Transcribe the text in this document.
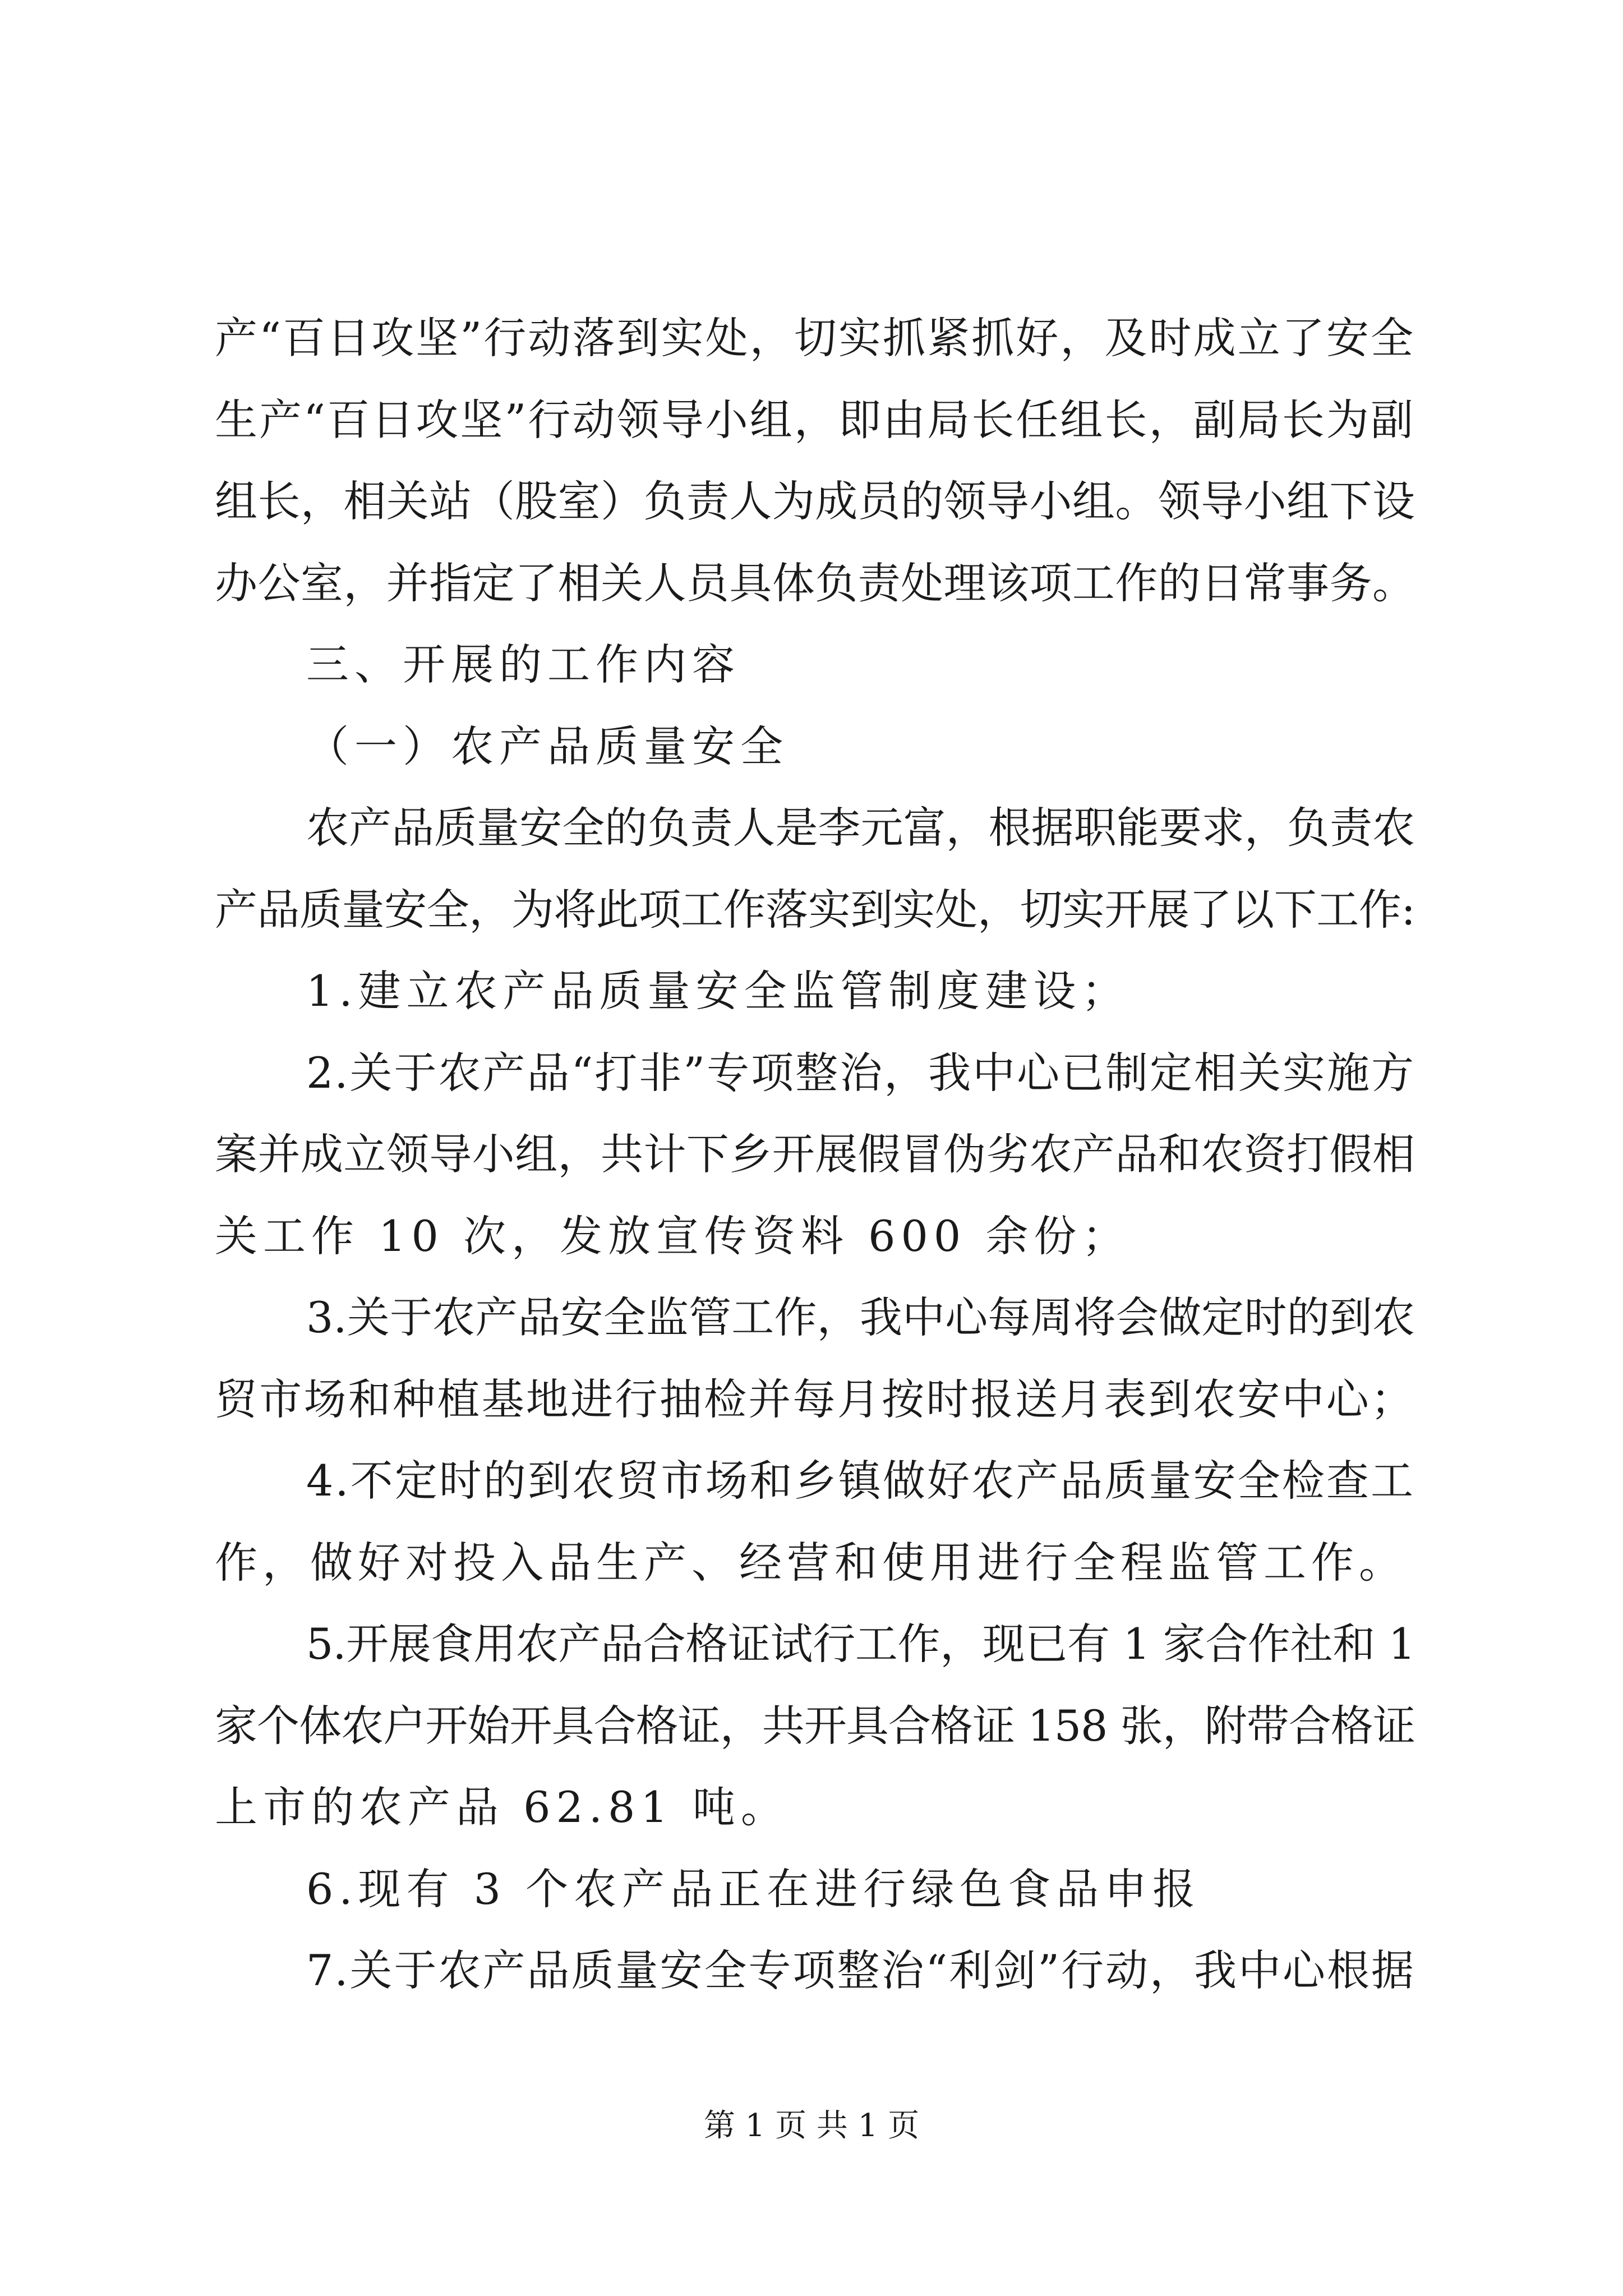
产“百日攻坚”行动落到实处，切实抓紧抓好，及时成立了安全
生产“百日攻坚”行动领导小组，即由局长任组长，副局长为副
组长，相关站（股室）负责人为成员的领导小组。领导小组下设
办公室，并指定了相关人员具体负责处理该项工作的日常事务。
三、开展的工作内容
（一）农产品质量安全
农产品质量安全的负责人是李元富，根据职能要求，负责农
产品质量安全，为将此项工作落实到实处，切实开展了以下工作:
1.建立农产品质量安全监管制度建设；
2.关于农产品“打非”专项整治，我中心已制定相关实施方
案并成立领导小组，共计下乡开展假冒伪劣农产品和农资打假相
关工作 10 次，发放宣传资料 600 余份；
3.关于农产品安全监管工作，我中心每周将会做定时的到农
贸市场和种植基地进行抽检并每月按时报送月表到农安中心；
4.不定时的到农贸市场和乡镇做好农产品质量安全检查工
作，做好对投入品生产、经营和使用进行全程监管工作。
5.开展食用农产品合格证试行工作，现已有 1 家合作社和 1
家个体农户开始开具合格证，共开具合格证 158 张，附带合格证
上市的农产品 62.81 吨。
6.现有 3 个农产品正在进行绿色食品申报
7.关于农产品质量安全专项整治“利剑”行动，我中心根据
第 1 页 共 1 页
